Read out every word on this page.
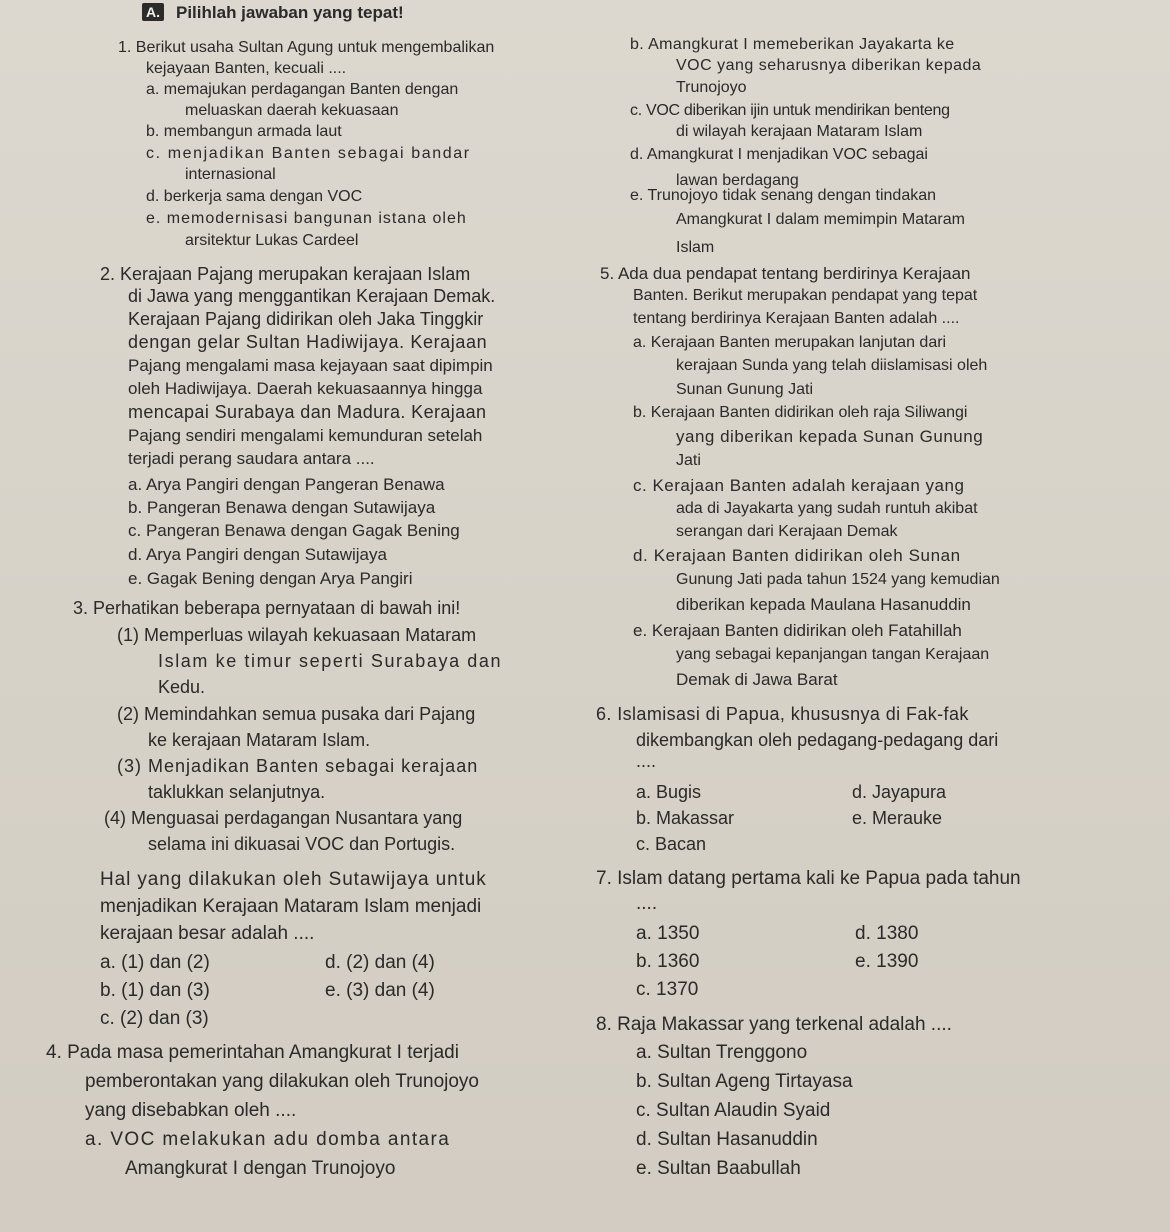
A. Pilihlah jawaban yang tepat!
1. Berikut usaha Sultan Agung untuk mengembalikan
kejayaan Banten, kecuali ....
a. memajukan perdagangan Banten dengan
meluaskan daerah kekuasaan
b. membangun armada laut
c. menjadikan Banten sebagai bandar
internasional
d. berkerja sama dengan VOC
e. memodernisasi bangunan istana oleh
arsitektur Lukas Cardeel
2. Kerajaan Pajang merupakan kerajaan Islam
di Jawa yang menggantikan Kerajaan Demak.
Kerajaan Pajang didirikan oleh Jaka Tinggkir
dengan gelar Sultan Hadiwijaya. Kerajaan
Pajang mengalami masa kejayaan saat dipimpin
oleh Hadiwijaya. Daerah kekuasaannya hingga
mencapai Surabaya dan Madura. Kerajaan
Pajang sendiri mengalami kemunduran setelah
terjadi perang saudara antara ....
a. Arya Pangiri dengan Pangeran Benawa
b. Pangeran Benawa dengan Sutawijaya
c. Pangeran Benawa dengan Gagak Bening
d. Arya Pangiri dengan Sutawijaya
e. Gagak Bening dengan Arya Pangiri
3. Perhatikan beberapa pernyataan di bawah ini!
(1) Memperluas wilayah kekuasaan Mataram
Islam ke timur seperti Surabaya dan
Kedu.
(2) Memindahkan semua pusaka dari Pajang
ke kerajaan Mataram Islam.
(3) Menjadikan Banten sebagai kerajaan
taklukkan selanjutnya.
(4) Menguasai perdagangan Nusantara yang
selama ini dikuasai VOC dan Portugis.
Hal yang dilakukan oleh Sutawijaya untuk
menjadikan Kerajaan Mataram Islam menjadi
kerajaan besar adalah ....
a. (1) dan (2)	d. (2) dan (4)
b. (1) dan (3)	e. (3) dan (4)
c. (2) dan (3)
4. Pada masa pemerintahan Amangkurat I terjadi
pemberontakan yang dilakukan oleh Trunojoyo
yang disebabkan oleh ....
a. VOC melakukan adu domba antara
Amangkurat I dengan Trunojoyo
b. Amangkurat I memeberikan Jayakarta ke
VOC yang seharusnya diberikan kepada
Trunojoyo
c. VOC diberikan ijin untuk mendirikan benteng
di wilayah kerajaan Mataram Islam
d. Amangkurat I menjadikan VOC sebagai
lawan berdagang
e. Trunojoyo tidak senang dengan tindakan
Amangkurat I dalam memimpin Mataram
Islam
5. Ada dua pendapat tentang berdirinya Kerajaan
Banten. Berikut merupakan pendapat yang tepat
tentang berdirinya Kerajaan Banten adalah ....
a. Kerajaan Banten merupakan lanjutan dari
kerajaan Sunda yang telah diislamisasi oleh
Sunan Gunung Jati
b. Kerajaan Banten didirikan oleh raja Siliwangi
yang diberikan kepada Sunan Gunung
Jati
c. Kerajaan Banten adalah kerajaan yang
ada di Jayakarta yang sudah runtuh akibat
serangan dari Kerajaan Demak
d. Kerajaan Banten didirikan oleh Sunan
Gunung Jati pada tahun 1524 yang kemudian
diberikan kepada Maulana Hasanuddin
e. Kerajaan Banten didirikan oleh Fatahillah
yang sebagai kepanjangan tangan Kerajaan
Demak di Jawa Barat
6. Islamisasi di Papua, khususnya di Fak-fak
dikembangkan oleh pedagang-pedagang dari
....
a. Bugis	d. Jayapura
b. Makassar	e. Merauke
c. Bacan
7. Islam datang pertama kali ke Papua pada tahun
....
a. 1350	d. 1380
b. 1360	e. 1390
c. 1370
8. Raja Makassar yang terkenal adalah ....
a. Sultan Trenggono
b. Sultan Ageng Tirtayasa
c. Sultan Alaudin Syaid
d. Sultan Hasanuddin
e. Sultan Baabullah
